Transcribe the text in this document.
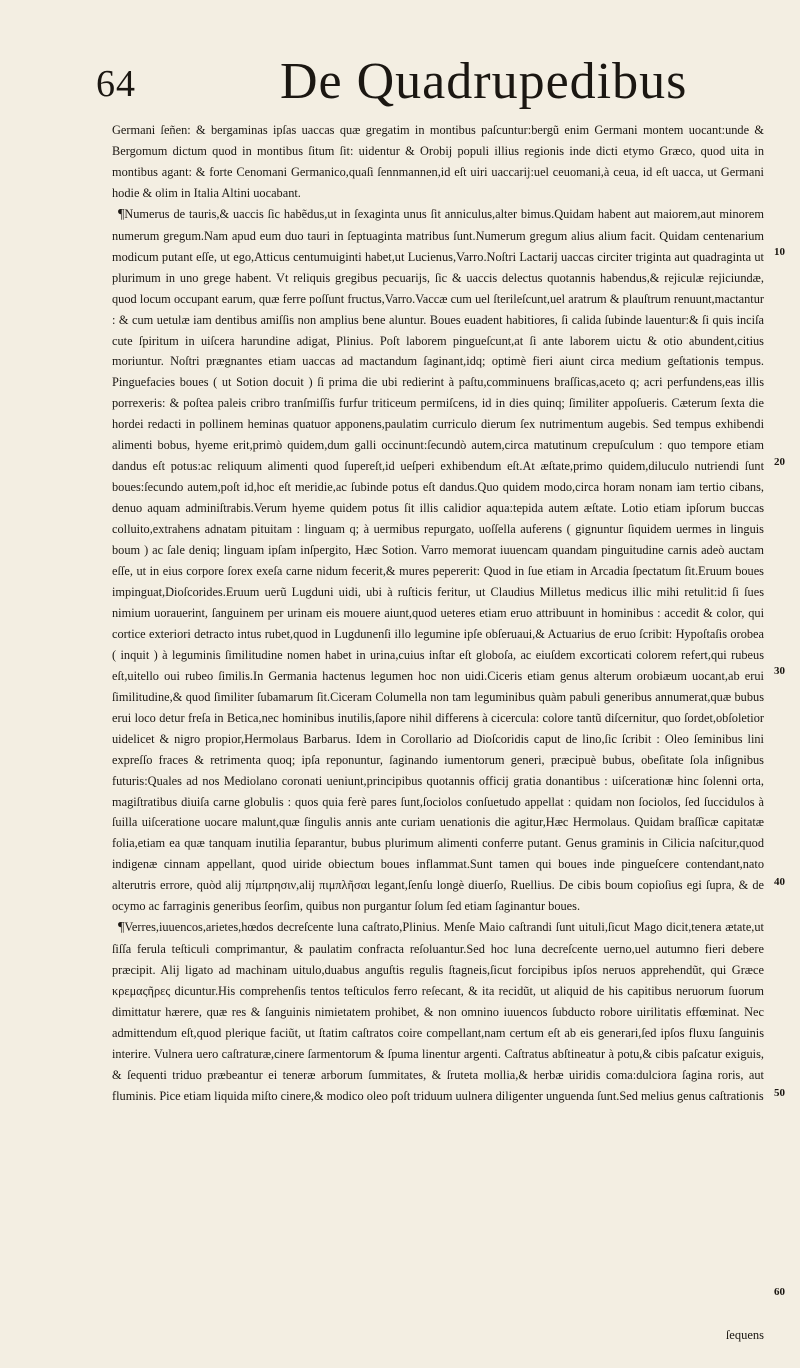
64	De Quadrupedibus

Germani ſeñen: & bergaminas ipſas uaccas quæ gregatim in montibus paſcuntur:bergũ enim Germani montem uocant:unde & Bergomum dictum quod in montibus ſitum ſit: uidentur & Orobij populi illius regionis inde dicti etymo Græco, quod uita in montibus agant: & forte Cenomani Germanico,quaſi ſennmannen,id eſt uiri uaccarij:uel ceuomani,à ceua, id eſt uacca, ut Germani hodie & olim in Italia Altini uocabant.

¶Numerus de tauris,& uaccis ſic habẽdus,ut in ſexaginta unus ſit anniculus,alter bimus.Quidam habent aut maiorem,aut minorem numerum gregum.Nam apud eum duo tauri in ſeptuaginta matribus ſunt.Numerum gregum alius alium facit. Quidam centenarium modicum putant eſſe, ut ego,Atticus centumuiginti habet,ut Lucienus,Varro.Noſtri Lactarij uaccas circiter triginta aut quadraginta ut plurimum in uno grege habent. Vt reliquis gregibus pecuarijs, ſic & uaccis delectus quotannis habendus,& rejiculæ rejiciundæ, quod locum occupant earum, quæ ferre poſſunt fructus,Varro.Vaccæ cum uel ſterileſcunt,uel aratrum & plauſtrum renuunt,mactantur : & cum uetulæ iam dentibus amiſſis non amplius bene aluntur. Boues euadent habitiores, ſi calida ſubinde lauentur:& ſi quis inciſa cute ſpiritum in uiſcera harundine adigat, Plinius. Poſt laborem pingueſcunt,at ſi ante laborem uictu & otio abundent,citius moriuntur. Noſtri prægnantes etiam uaccas ad mactandum ſaginant,idq; optimè fieri aiunt circa medium geſtationis tempus. Pinguefacies boues ( ut Sotion docuit ) ſi prima die ubi redierint à paſtu,comminuens braſſicas,aceto q; acri perfundens,eas illis porrexeris: & poſtea paleis cribro tranſmiſſis furfur triticeum permiſcens, id in dies quinq; ſimiliter appoſueris. Cæterum ſexta die hordei redacti in pollinem heminas quatuor apponens,paulatim curriculo dierum ſex nutrimentum augebis. Sed tempus exhibendi alimenti bobus, hyeme erit,primò quidem,dum galli occinunt:ſecundò autem,circa matutinum crepuſculum : quo tempore etiam dandus eſt potus:ac reliquum alimenti quod ſupereſt,id ueſperi exhibendum eſt.At æſtate,primo quidem,diluculo nutriendi ſunt boues:ſecundo autem,poſt id,hoc eſt meridie,ac ſubinde potus eſt dandus.Quo quidem modo,circa horam nonam iam tertio cibans, denuo aquam adminiſtrabis.Verum hyeme quidem potus ſit illis calidior aqua:tepida autem æſtate. Lotio etiam ipſorum buccas colluito,extrahens adnatam pituitam : linguam q; à uermibus repurgato, uoſſella auferens ( gignuntur ſiquidem uermes in linguis boum ) ac ſale deniq; linguam ipſam inſpergito, Hæc Sotion. Varro memorat iuuencam quandam pinguitudine carnis adeò auctam eſſe, ut in eius corpore ſorex exeſa carne nidum fecerit,& mures pepererit: Quod in ſue etiam in Arcadia ſpectatum ſit.Eruum boues impinguat,Dioſcorides.Eruum uerũ Lugduni uidi, ubi à ruſticis feritur, ut Claudius Milletus medicus illic mihi retulit:id ſi ſues nimium uorauerint, ſanguinem per urinam eis mouere aiunt,quod ueteres etiam eruo attribuunt in hominibus : accedit & color, qui cortice exteriori detracto intus rubet,quod in Lugdunenſi illo legumine ipſe obſeruaui,& Actuarius de eruo ſcribit: Hypoſtaſis orobea ( inquit ) à leguminis ſimilitudine nomen habet in urina,cuius inſtar eſt globoſa, ac eiuſdem excorticati colorem refert,qui rubeus eſt,uitello oui rubeo ſimilis.In Germania hactenus legumen hoc non uidi.Ciceris etiam genus alterum orobiæum uocant,ab erui ſimilitudine,& quod ſimiliter ſubamarum ſit.Ciceram Columella non tam leguminibus quàm pabuli generibus annumerat,quæ bubus erui loco detur freſa in Betica,nec hominibus inutilis,ſapore nihil differens à cicercula: colore tantũ diſcernitur, quo ſordet,obſoletior uidelicet & nigro propior,Hermolaus Barbarus. Idem in Corollario ad Dioſcoridis caput de lino,ſic ſcribit : Oleo ſeminibus lini expreſſo fraces & retrimenta quoq; ipſa reponuntur, ſaginando iumentorum generi, præcipuè bubus, obeſitate ſola inſignibus futuris:Quales ad nos Mediolano coronati ueniunt,principibus quotannis officij gratia donantibus : uiſcerationæ hinc ſolenni orta, magiſtratibus diuiſa carne globulis : quos quia ferè pares ſunt,ſociolos conſuetudo appellat : quidam non ſociolos, ſed ſuccidulos à ſuilla uiſceratione uocare malunt,quæ ſingulis annis ante curiam uenationis die agitur,Hæc Hermolaus. Quidam braſſicæ capitatæ folia,etiam ea quæ tanquam inutilia ſeparantur, bubus plurimum alimenti conferre putant. Genus graminis in Cilicia naſcitur,quod indigenæ cinnam appellant, quod uiride obiectum boues inflammat.Sunt tamen qui boues inde pingueſcere contendant,nato alterutris errore, quòd alij πίμπρησιν,alij πιμπλῆσαι legant,ſenſu longè diuerſo, Ruellius. De cibis boum copioſius egi ſupra, & de ocymo ac farraginis generibus ſeorſim, quibus non purgantur ſolum ſed etiam ſaginantur boues.

¶Verres,iuuencos,arietes,hœdos decreſcente luna caſtrato,Plinius. Menſe Maio caſtrandi ſunt uituli,ſicut Mago dicit,tenera ætate,ut ſiſſa ferula teſticuli comprimantur, & paulatim confracta reſoluantur.Sed hoc luna decreſcente uerno,uel autumno fieri debere præcipit. Alij ligato ad machinam uitulo,duabus anguſtis regulis ſtagneis,ſicut forcipibus ipſos neruos apprehendũt, qui Græce κρεμαςῆρες dicuntur.His comprehenſis tentos teſticulos ferro reſecant, & ita recidũt, ut aliquid de his capitibus neruorum ſuorum dimittatur hærere, quæ res & ſanguinis nimietatem prohibet, & non omnino iuuencos ſubducto robore uirilitatis effœminat. Nec admittendum eſt,quod plerique faciũt, ut ſtatim caſtratos coire compellant,nam certum eſt ab eis generari,ſed ipſos fluxu ſanguinis interire. Vulnera uero caſtraturæ,cinere ſarmentorum & ſpuma linentur argenti. Caſtratus abſtineatur à potu,& cibis paſcatur exiguis, & ſequenti triduo præbeantur ei teneræ arborum ſummitates, & ſruteta mollia,& herbæ uiridis coma:dulciora ſagina roris, aut fluminis. Pice etiam liquida miſto cinere,& modico oleo poſt triduum uulnera diligenter unguenda ſunt.Sed melius genus caſtrationis

10
20
30
40
50
60
ſequens
